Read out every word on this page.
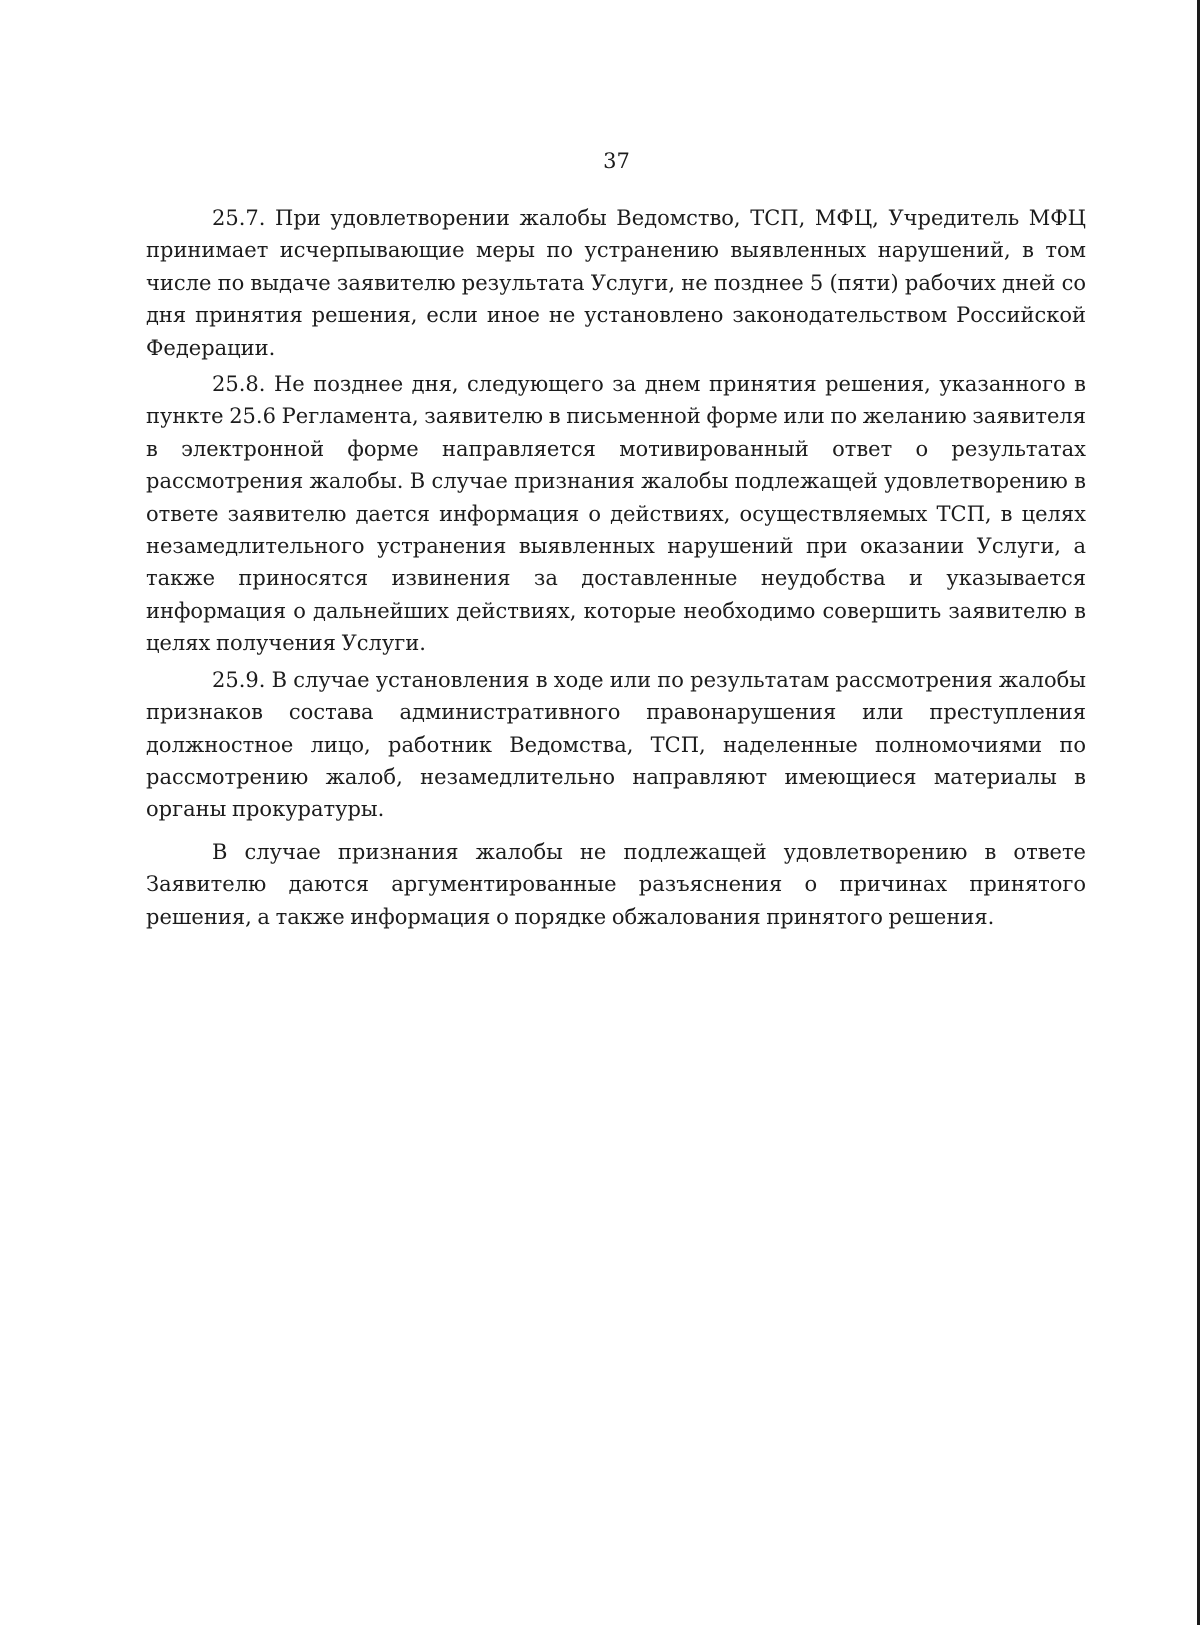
37

25.7. При удовлетворении жалобы Ведомство, ТСП, МФЦ, Учредитель МФЦ принимает исчерпывающие меры по устранению выявленных нарушений, в том числе по выдаче заявителю результата Услуги, не позднее 5 (пяти) рабочих дней со дня принятия решения, если иное не установлено законодательством Российской Федерации.

25.8. Не позднее дня, следующего за днем принятия решения, указанного в пункте 25.6 Регламента, заявителю в письменной форме или по желанию заявителя в электронной форме направляется мотивированный ответ о результатах рассмотрения жалобы. В случае признания жалобы подлежащей удовлетворению в ответе заявителю дается информация о действиях, осуществляемых ТСП, в целях незамедлительного устранения выявленных нарушений при оказании Услуги, а также приносятся извинения за доставленные неудобства и указывается информация о дальнейших действиях, которые необходимо совершить заявителю в целях получения Услуги.

25.9. В случае установления в ходе или по результатам рассмотрения жалобы признаков состава административного правонарушения или преступления должностное лицо, работник Ведомства, ТСП, наделенные полномочиями по рассмотрению жалоб, незамедлительно направляют имеющиеся материалы в органы прокуратуры.

В случае признания жалобы не подлежащей удовлетворению в ответе Заявителю даются аргументированные разъяснения о причинах принятого решения, а также информация о порядке обжалования принятого решения.
